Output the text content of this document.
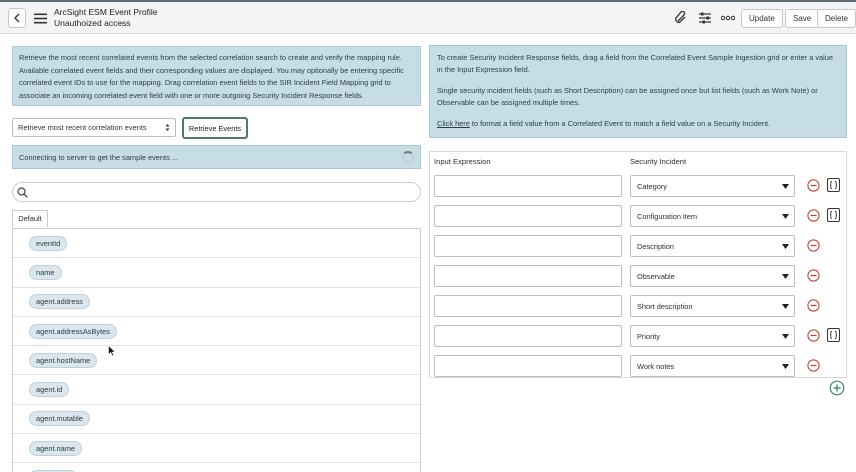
ArcSight ESM Event Profile
Unauthoized access	Update	Save	Delete
Retrieve the most recent correlated events from the selected correlation search to create and verify the mapping rule. Available correlated event fields and their corresponding values are displayed. You may optionally be entering specific correlated event IDs to use for the mapping. Drag correlation event fields to the SIR Incident Field Mapping grid to associate an incoming correlated event field with one or more outgoing Security Incident Response fields.

To create Security Incident Response fields, drag a field from the Correlated Event Sample Ingestion grid or enter a value in the Input Expression field.

Single security incident fields (such as Short Description) can be assigned once but list fields (such as Work Note) or Observable can be assigned multiple times.

Click here to format a field value from a Correlated Event to match a field value on a Security Incident.

Retrieve most recent correlation events	Retrieve Events
Connecting to server to get the sample events ...
Default
eventId
name
agent.address
agent.addressAsBytes
agent.hostName
agent.id
agent.mutable
agent.name
Input Expression	Security Incident
Category
Configuration item
Description
Observable
Short description
Priority
Work notes
